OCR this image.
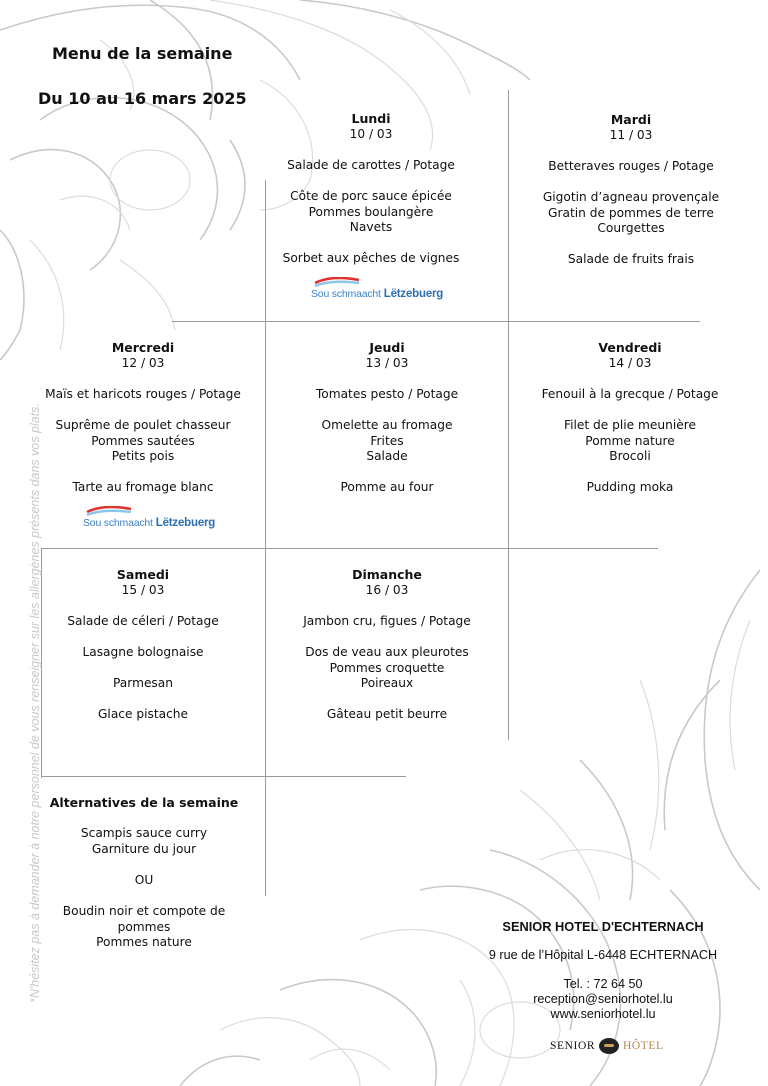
Menu de la semaine
Du 10 au 16 mars 2025
Lundi
10 / 03
Salade de carottes / Potage
Côte de porc sauce épicée
Pommes boulangère
Navets
Sorbet aux pêches de vignes
Sou schmaacht Lëtzebuerg
Mardi
11 / 03
Betteraves rouges / Potage
Gigotin d’agneau provençale
Gratin de pommes de terre
Courgettes
Salade de fruits frais
Mercredi
12 / 03
Maïs et haricots rouges / Potage
Suprême de poulet chasseur
Pommes sautées
Petits pois
Tarte au fromage blanc
Sou schmaacht Lëtzebuerg
Jeudi
13 / 03
Tomates pesto / Potage
Omelette au fromage
Frites
Salade
Pomme au four
Vendredi
14 / 03
Fenouil à la grecque / Potage
Filet de plie meunière
Pomme nature
Brocoli
Pudding moka
Samedi
15 / 03
Salade de céleri / Potage
Lasagne bolognaise
Parmesan
Glace pistache
Dimanche
16 / 03
Jambon cru, figues / Potage
Dos de veau aux pleurotes
Pommes croquette
Poireaux
Gâteau petit beurre
Alternatives de la semaine
Scampis sauce curry
Garniture du jour
OU
Boudin noir et compote de
pommes
Pommes nature
*N'hésitez pas à demander à notre personnel de vous renseigner sur les allergènes présents dans vos plats.	SENIOR HOTEL D'ECHTERNACH
9 rue de l’Hôpital L-6448 ECHTERNACH
Tel. : 72 64 50
reception@seniorhotel.lu
www.seniorhotel.lu
SENIOR HÔTEL
